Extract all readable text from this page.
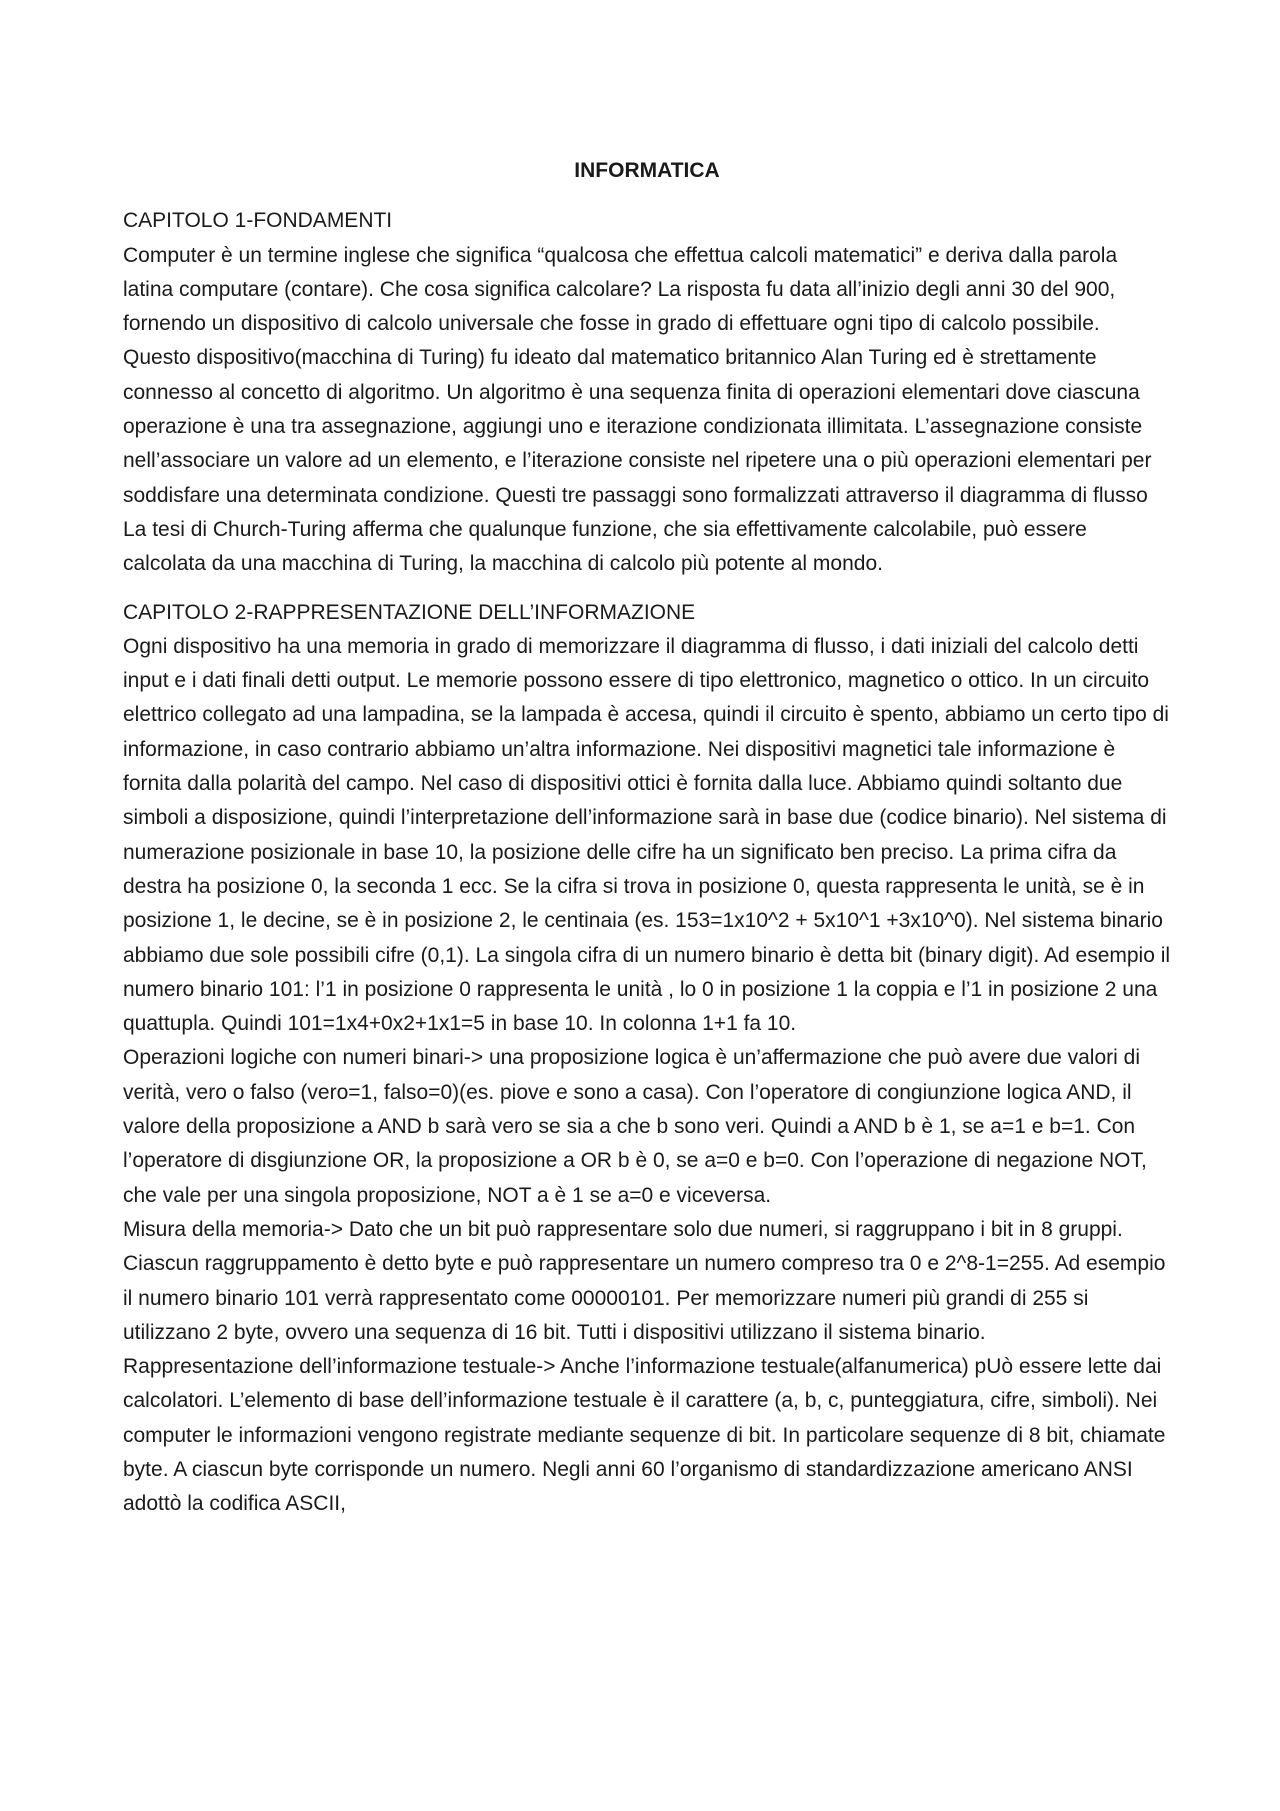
INFORMATICA
CAPITOLO 1-FONDAMENTI

Computer è un termine inglese che significa “qualcosa che effettua calcoli matematici” e deriva dalla parola latina computare (contare). Che cosa significa calcolare? La risposta fu data all’inizio degli anni 30 del 900, fornendo un dispositivo di calcolo universale che fosse in grado di effettuare ogni tipo di calcolo possibile. Questo dispositivo(macchina di Turing) fu ideato dal matematico britannico Alan Turing ed è strettamente connesso al concetto di algoritmo. Un algoritmo è una sequenza finita di operazioni elementari dove ciascuna operazione è una tra assegnazione, aggiungi uno e iterazione condizionata illimitata. L’assegnazione consiste nell’associare un valore ad un elemento, e l’iterazione consiste nel ripetere una o più operazioni elementari per soddisfare una determinata condizione. Questi tre passaggi sono formalizzati attraverso il diagramma di flusso La tesi di Church-Turing afferma che qualunque funzione, che sia effettivamente calcolabile, può essere calcolata da una macchina di Turing, la macchina di calcolo più potente al mondo.

CAPITOLO 2-RAPPRESENTAZIONE DELL’INFORMAZIONE

Ogni dispositivo ha una memoria in grado di memorizzare il diagramma di flusso, i dati iniziali del calcolo detti input e i dati finali detti output. Le memorie possono essere di tipo elettronico, magnetico o ottico. In un circuito elettrico collegato ad una lampadina, se la lampada è accesa, quindi il circuito è spento, abbiamo un certo tipo di informazione, in caso contrario abbiamo un’altra informazione. Nei dispositivi magnetici tale informazione è fornita dalla polarità del campo. Nel caso di dispositivi ottici è fornita dalla luce. Abbiamo quindi soltanto due simboli a disposizione, quindi l’interpretazione dell’informazione sarà in base due (codice binario). Nel sistema di numerazione posizionale in base 10, la posizione delle cifre ha un significato ben preciso. La prima cifra da destra ha posizione 0, la seconda 1 ecc. Se la cifra si trova in posizione 0, questa rappresenta le unità, se è in posizione 1, le decine, se è in posizione 2, le centinaia (es. 153=1x10^2 + 5x10^1 +3x10^0). Nel sistema binario abbiamo due sole possibili cifre (0,1). La singola cifra di un numero binario è detta bit (binary digit). Ad esempio il numero binario 101: l’1 in posizione 0 rappresenta le unità , lo 0 in posizione 1 la coppia e l’1 in posizione 2 una quattupla. Quindi 101=1x4+0x2+1x1=5 in base 10. In colonna 1+1 fa 10.

Operazioni logiche con numeri binari-> una proposizione logica è un’affermazione che può avere due valori di verità, vero o falso (vero=1, falso=0)(es. piove e sono a casa). Con l’operatore di congiunzione logica AND, il valore della proposizione a AND b sarà vero se sia a che b sono veri. Quindi a AND b è 1, se a=1 e b=1. Con l’operatore di disgiunzione OR, la proposizione a OR b è 0, se a=0 e b=0. Con l’operazione di negazione NOT, che vale per una singola proposizione, NOT a è 1 se a=0 e viceversa.

Misura della memoria-> Dato che un bit può rappresentare solo due numeri, si raggruppano i bit in 8 gruppi. Ciascun raggruppamento è detto byte e può rappresentare un numero compreso tra 0 e 2^8-1=255. Ad esempio il numero binario 101 verrà rappresentato come 00000101. Per memorizzare numeri più grandi di 255 si utilizzano 2 byte, ovvero una sequenza di 16 bit. Tutti i dispositivi utilizzano il sistema binario.

Rappresentazione dell’informazione testuale-> Anche l’informazione testuale(alfanumerica) pUò essere lette dai calcolatori. L’elemento di base dell’informazione testuale è il carattere (a, b, c, punteggiatura, cifre, simboli). Nei computer le informazioni vengono registrate mediante sequenze di bit. In particolare sequenze di 8 bit, chiamate byte. A ciascun byte corrisponde un numero. Negli anni 60 l’organismo di standardizzazione americano ANSI adottò la codifica ASCII,
